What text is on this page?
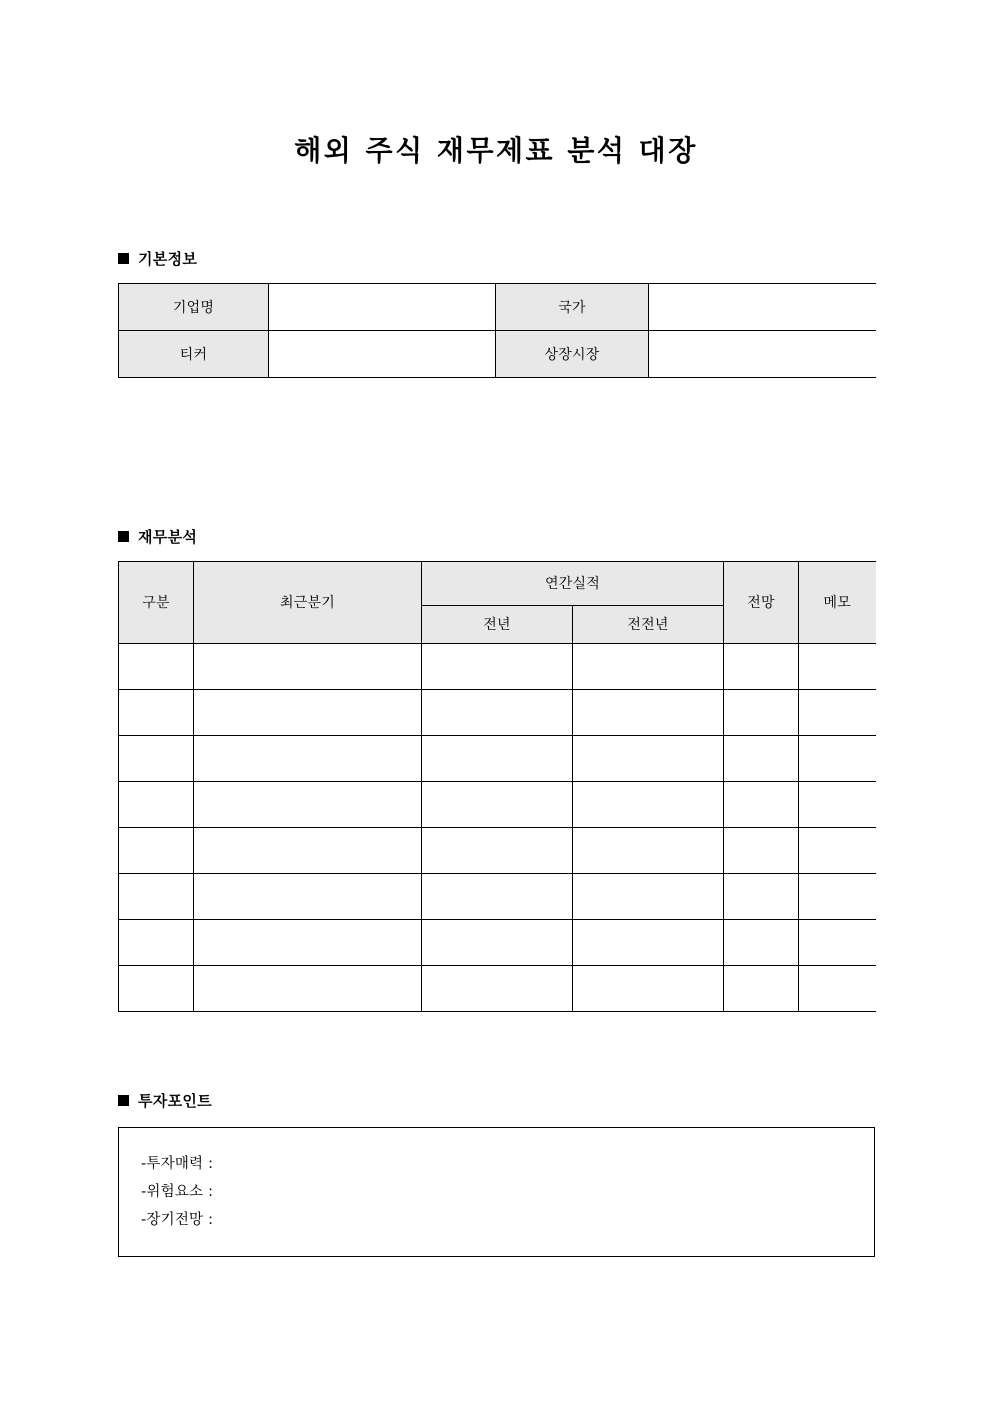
해외 주식 재무제표 분석 대장
기본정보
기업명		국가	
티커		상장시장	
재무분석
구분	최근분기	연간실적		전망	메모
		전년	전전년		

투자포인트
-투자매력 :
-위험요소 :
-장기전망 :
